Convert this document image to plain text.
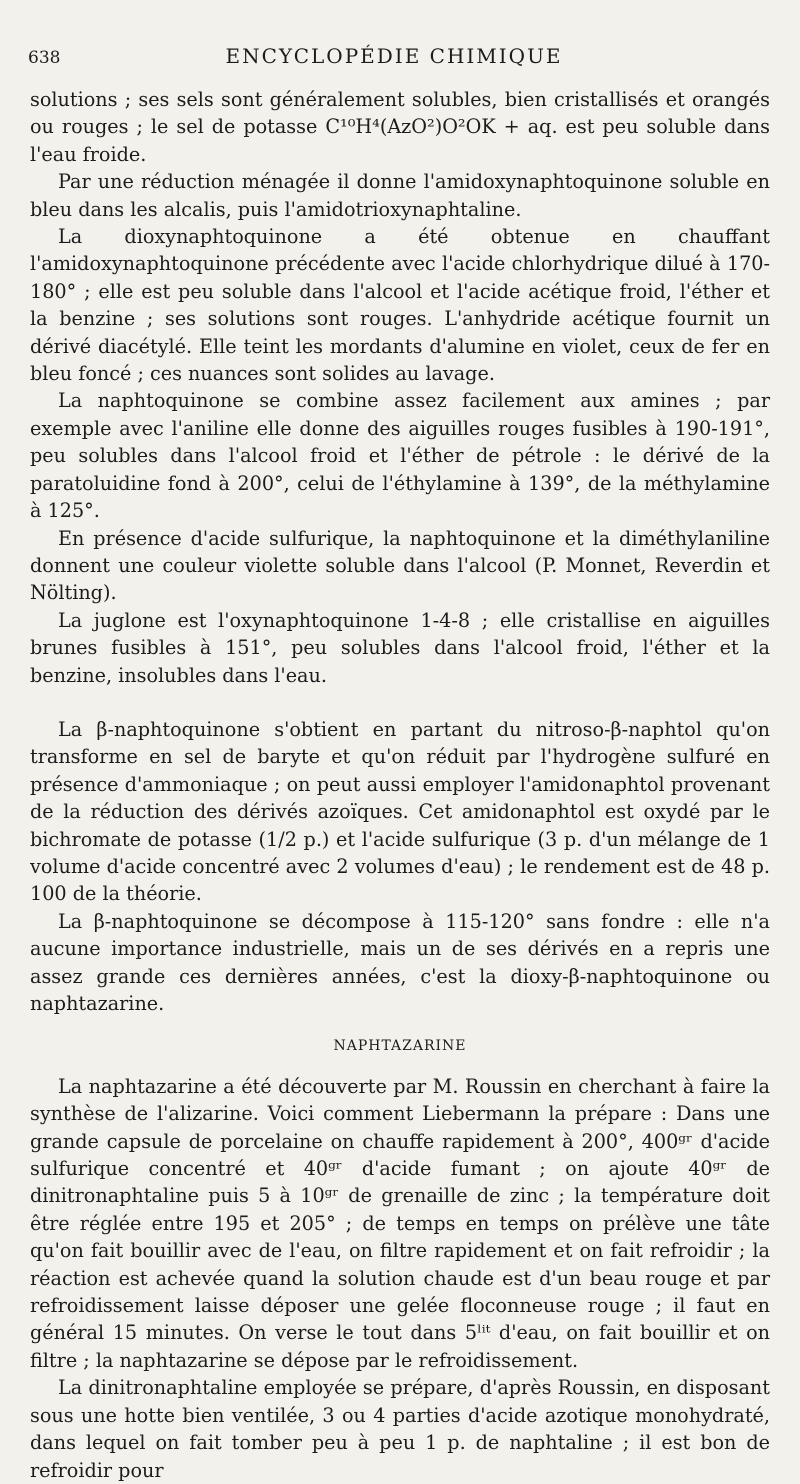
638	ENCYCLOPÉDIE CHIMIQUE

solutions ; ses sels sont généralement solubles, bien cristallisés et orangés ou rouges ; le sel de potasse C¹⁰H⁴(AzO²)O²OK + aq. est peu soluble dans l'eau froide.

Par une réduction ménagée il donne l'amidoxynaphtoquinone soluble en bleu dans les alcalis, puis l'amidotrioxynaphtaline.

La dioxynaphtoquinone a été obtenue en chauffant l'amidoxynaphtoquinone précédente avec l'acide chlorhydrique dilué à 170-180° ; elle est peu soluble dans l'alcool et l'acide acétique froid, l'éther et la benzine ; ses solutions sont rouges. L'anhydride acétique fournit un dérivé diacétylé. Elle teint les mordants d'alumine en violet, ceux de fer en bleu foncé ; ces nuances sont solides au lavage.

La naphtoquinone se combine assez facilement aux amines ; par exemple avec l'aniline elle donne des aiguilles rouges fusibles à 190-191°, peu solubles dans l'alcool froid et l'éther de pétrole : le dérivé de la paratoluidine fond à 200°, celui de l'éthylamine à 139°, de la méthylamine à 125°.

En présence d'acide sulfurique, la naphtoquinone et la diméthylaniline donnent une couleur violette soluble dans l'alcool (P. Monnet, Reverdin et Nölting).

La juglone est l'oxynaphtoquinone 1-4-8 ; elle cristallise en aiguilles brunes fusibles à 151°, peu solubles dans l'alcool froid, l'éther et la benzine, insolubles dans l'eau.

La β-naphtoquinone s'obtient en partant du nitroso-β-naphtol qu'on transforme en sel de baryte et qu'on réduit par l'hydrogène sulfuré en présence d'ammoniaque ; on peut aussi employer l'amidonaphtol provenant de la réduction des dérivés azoïques. Cet amidonaphtol est oxydé par le bichromate de potasse (1/2 p.) et l'acide sulfurique (3 p. d'un mélange de 1 volume d'acide concentré avec 2 volumes d'eau) ; le rendement est de 48 p. 100 de la théorie.

La β-naphtoquinone se décompose à 115-120° sans fondre : elle n'a aucune importance industrielle, mais un de ses dérivés en a repris une assez grande ces dernières années, c'est la dioxy-β-naphtoquinone ou naphtazarine.

NAPHTAZARINE

La naphtazarine a été découverte par M. Roussin en cherchant à faire la synthèse de l'alizarine. Voici comment Liebermann la prépare : Dans une grande capsule de porcelaine on chauffe rapidement à 200°, 400ᵍʳ d'acide sulfurique concentré et 40ᵍʳ d'acide fumant ; on ajoute 40ᵍʳ de dinitronaphtaline puis 5 à 10ᵍʳ de grenaille de zinc ; la température doit être réglée entre 195 et 205° ; de temps en temps on prélève une tâte qu'on fait bouillir avec de l'eau, on filtre rapidement et on fait refroidir ; la réaction est achevée quand la solution chaude est d'un beau rouge et par refroidissement laisse déposer une gelée floconneuse rouge ; il faut en général 15 minutes. On verse le tout dans 5ˡⁱᵗ d'eau, on fait bouillir et on filtre ; la naphtazarine se dépose par le refroidissement.

La dinitronaphtaline employée se prépare, d'après Roussin, en disposant sous une hotte bien ventilée, 3 ou 4 parties d'acide azotique monohydraté, dans lequel on fait tomber peu à peu 1 p. de naphtaline ; il est bon de refroidir pour
